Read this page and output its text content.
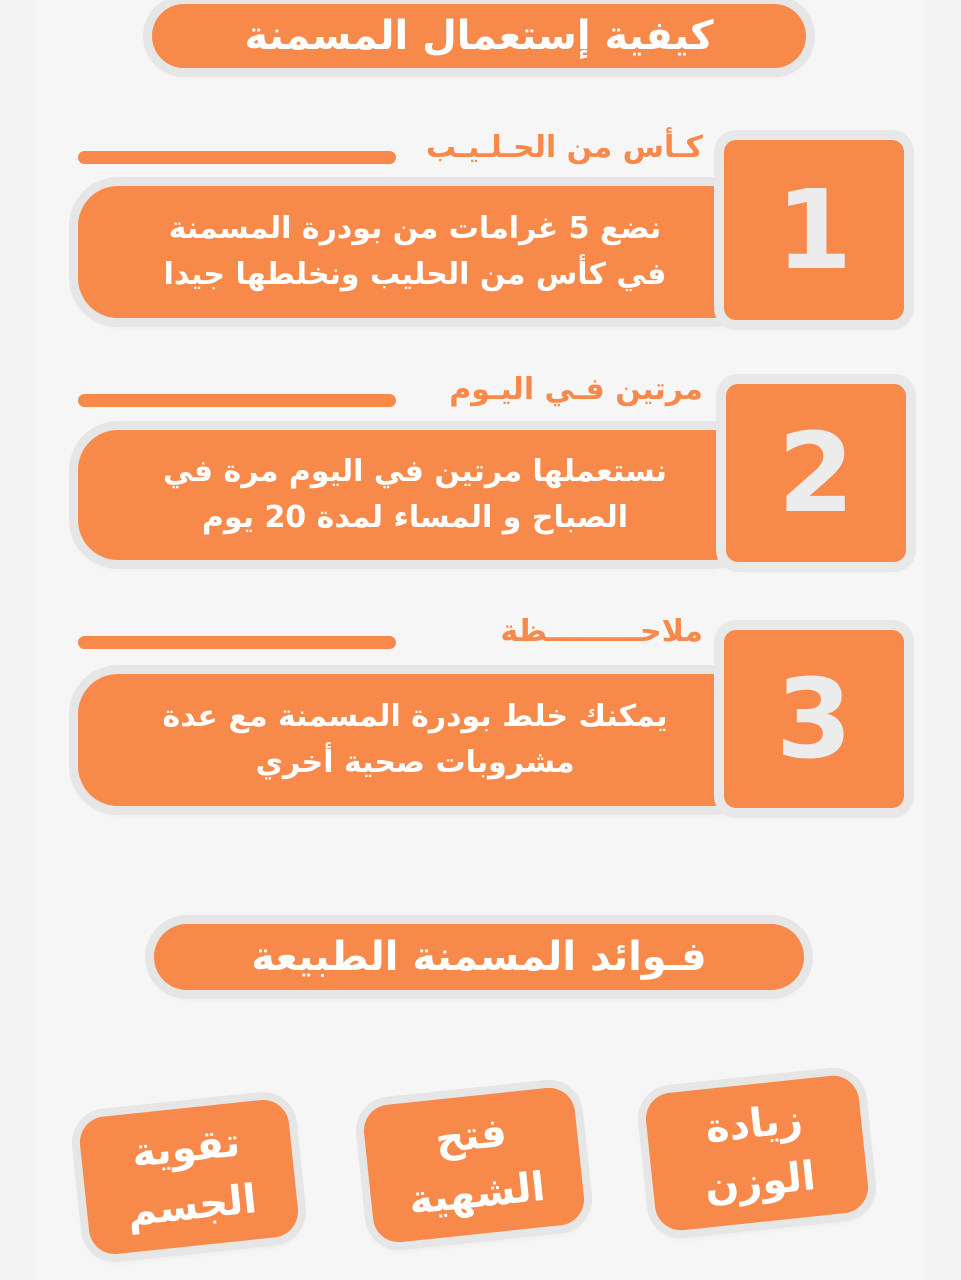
كيفية إستعمال المسمنة
كـأس من الحـلـيـب
نضع 5 غرامات من بودرة المسمنة
في كأس من الحليب ونخلطها جيدا 1
مرتين فـي اليـوم
نستعملها مرتين في اليوم مرة في
الصباح و المساء لمدة 20 يوم	2
ملاحـــــــــظة
يمكنك خلط بودرة المسمنة مع عدة
مشروبات صحية أخري	3
فـوائد المسمنة الطبيعة
زيادة
الوزن
فتح
الشهية
تقوية
الجسم
